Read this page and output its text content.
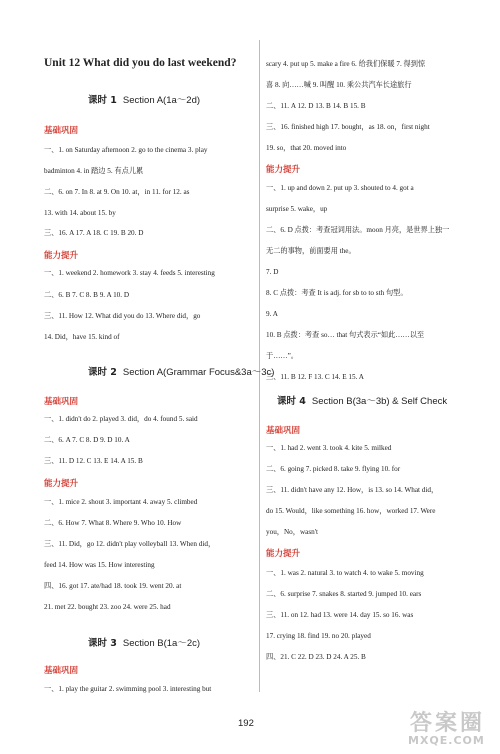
Unit 12 What did you do last weekend?
课时 1 Section A(1a～2d)
基础巩固
一、1. on Saturday afternoon 2. go to the cinema 3. play
badminton 4. in 踏边 5. 有点儿累
二、6. on 7. In 8. at 9. On 10. at，in 11. for 12. as
13. with 14. about 15. by
三、16. A 17. A 18. C 19. B 20. D
能力提升
一、1. weekend 2. homework 3. stay 4. feeds 5. interesting
二、6. B 7. C 8. B 9. A 10. D
三、11. How 12. What did you do 13. Where did，go
14. Did，have 15. kind of
课时 2 Section A(Grammar Focus&3a～3c)
基础巩固
一、1. didn't do 2. played 3. did，do 4. found 5. said
二、6. A 7. C 8. D 9. D 10. A
三、11. D 12. C 13. E 14. A 15. B
能力提升
一、1. mice 2. shout 3. important 4. away 5. climbed
二、6. How 7. What 8. Where 9. Who 10. How
三、11. Did，go 12. didn't play volleyball 13. When did，
feed 14. How was 15. How interesting
四、16. got 17. ate/had 18. took 19. went 20. at
21. met 22. bought 23. zoo 24. were 25. had
课时 3 Section B(1a～2c)
基础巩固
一、1. play the guitar 2. swimming pool 3. interesting but
scary 4. put up 5. make a fire 6. 给我们保暖 7. 得到惊
喜 8. 向……喊 9. 叫醒 10. 乘公共汽车长途旅行
二、11. A 12. D 13. B 14. B 15. B
三、16. finished high 17. bought，as 18. on，first night
19. so，that 20. moved into
能力提升
一、1. up and down 2. put up 3. shouted to 4. got a
surprise 5. wake，up
二、6. D 点拨：考查冠词用法。moon 月亮，是世界上独一
无二的事物，前面要用 the。
7. D
8. C 点拨：考查 It is adj. for sb to to sth 句型。
9. A
10. B 点拨：考查 so… that 句式表示“如此……以至
于……”。
三、11. B 12. F 13. C 14. E 15. A
课时 4 Section B(3a～3b) & Self Check
基础巩固
一、1. had 2. went 3. took 4. kite 5. milked
二、6. going 7. picked 8. take 9. flying 10. for
三、11. didn't have any 12. How，is 13. so 14. What did，
do 15. Would，like something 16. how，worked 17. Were
you，No，wasn't
能力提升
一、1. was 2. natural 3. to watch 4. to wake 5. moving
二、6. surprise 7. snakes 8. started 9. jumped 10. ears
三、11. on 12. had 13. were 14. day 15. so 16. was
17. crying 18. find 19. no 20. played
四、21. C 22. D 23. D 24. A 25. B
192	答案圈
MXQE.COM
